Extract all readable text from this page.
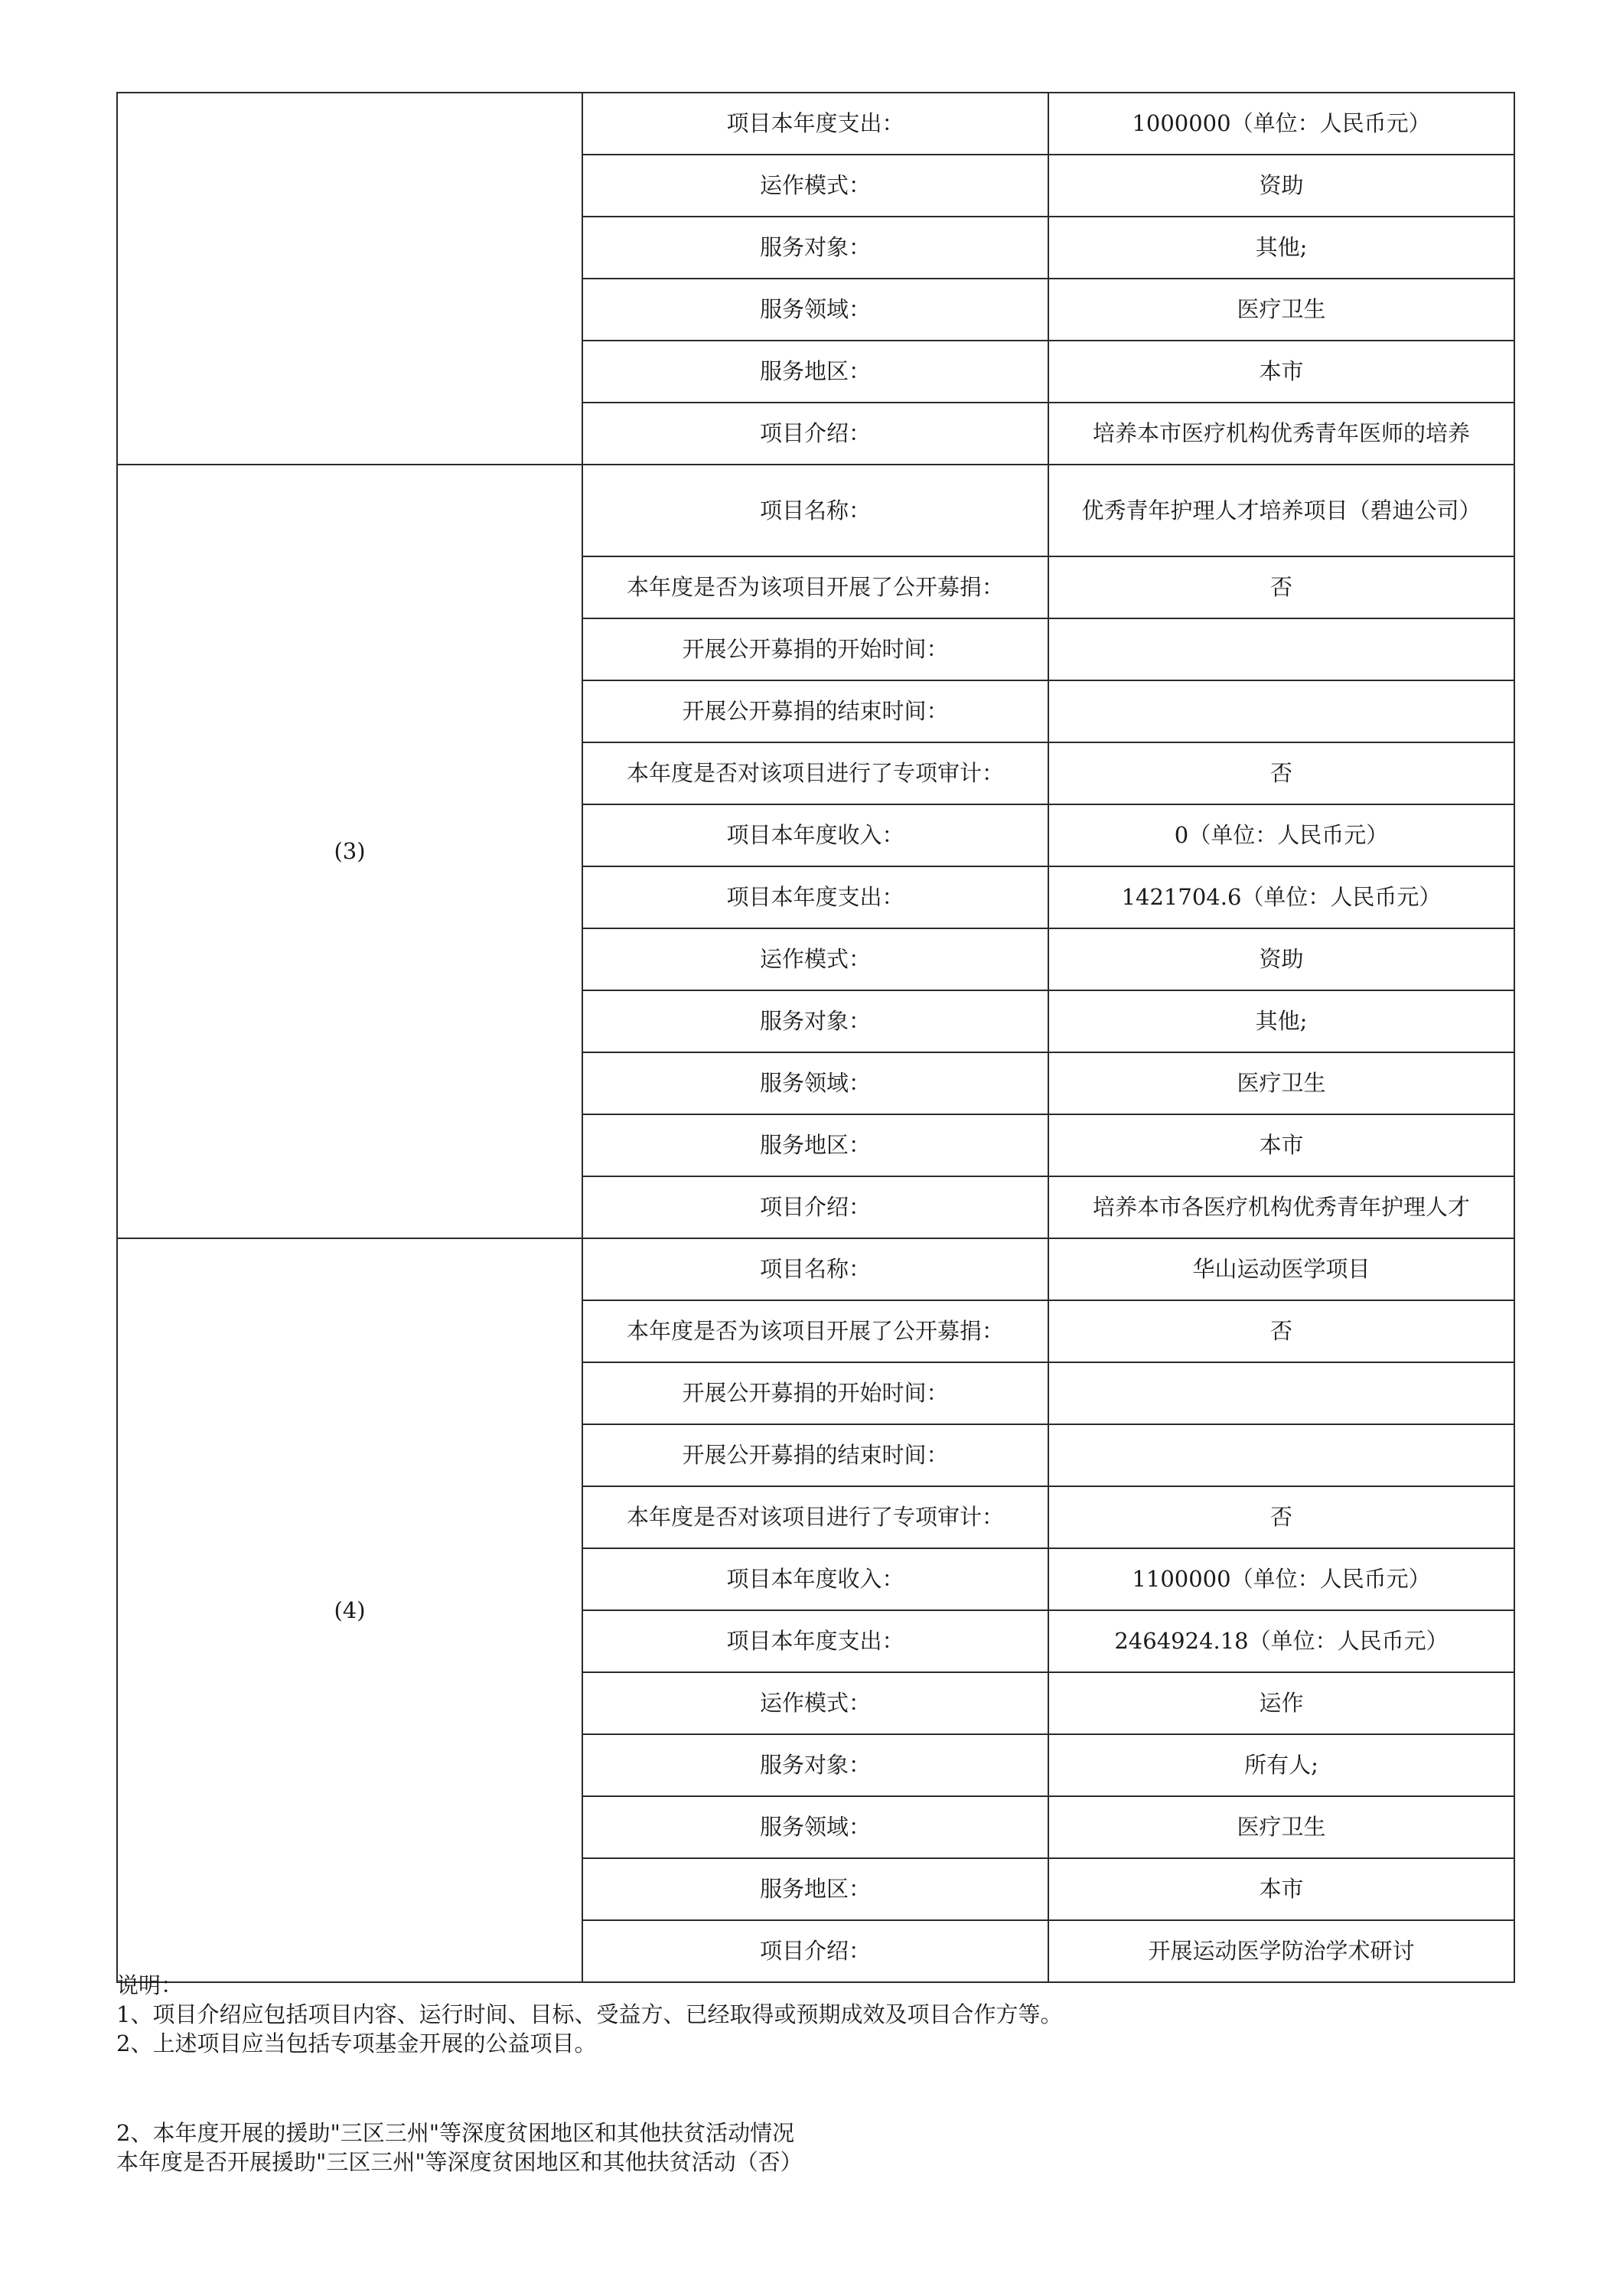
	项目本年度支出：	1000000（单位：人民币元）
	运作模式：	资助
	服务对象：	其他;
	服务领域：	医疗卫生
	服务地区：	本市
	项目介绍：	培养本市医疗机构优秀青年医师的培养
(3)	项目名称：	优秀青年护理人才培养项目（碧迪公司）
	本年度是否为该项目开展了公开募捐：	否
	开展公开募捐的开始时间：	
	开展公开募捐的结束时间：	
	本年度是否对该项目进行了专项审计：	否
	项目本年度收入：	0（单位：人民币元）
	项目本年度支出：	1421704.6（单位：人民币元）
	运作模式：	资助
	服务对象：	其他;
	服务领域：	医疗卫生
	服务地区：	本市
	项目介绍：	培养本市各医疗机构优秀青年护理人才
(4)	项目名称：	华山运动医学项目
	本年度是否为该项目开展了公开募捐：	否
	开展公开募捐的开始时间：	
	开展公开募捐的结束时间：	
	本年度是否对该项目进行了专项审计：	否
	项目本年度收入：	1100000（单位：人民币元）
	项目本年度支出：	2464924.18（单位：人民币元）
	运作模式：	运作
	服务对象：	所有人;
	服务领域：	医疗卫生
	服务地区：	本市
	项目介绍：	开展运动医学防治学术研讨
说明：
1、项目介绍应包括项目内容、运行时间、目标、受益方、已经取得或预期成效及项目合作方等。
2、上述项目应当包括专项基金开展的公益项目。
2、本年度开展的援助"三区三州"等深度贫困地区和其他扶贫活动情况
本年度是否开展援助"三区三州"等深度贫困地区和其他扶贫活动（否）
